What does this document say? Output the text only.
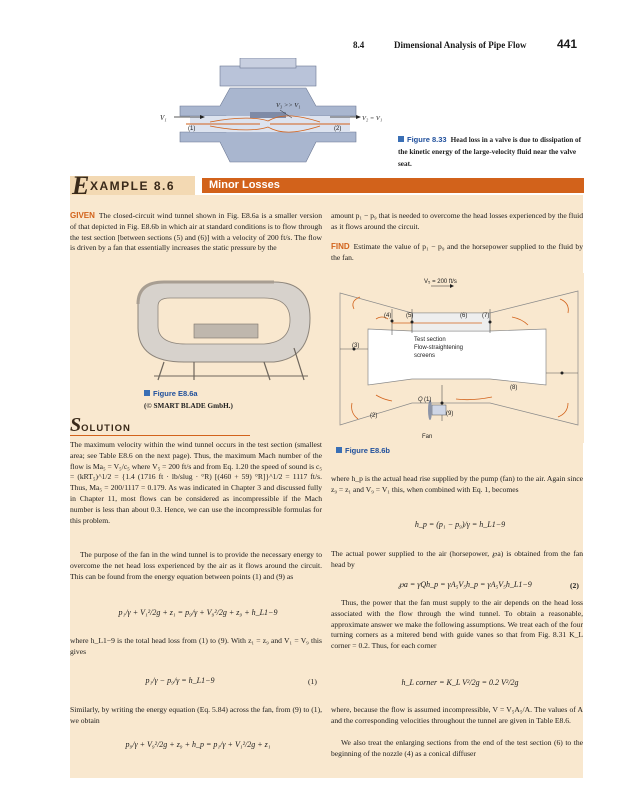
8.4	Dimensional Analysis of Pipe Flow	441
V₁
V₃ >> V₁
V₂ = V₁
(1)	(2)
Figure 8.33 Head loss in a valve is due to dissipation of the kinetic energy of the large-velocity fluid near the valve seat.
E XAMPLE 8.6	Minor Losses
GIVEN The closed-circuit wind tunnel shown in Fig. E8.6a is a smaller version of that depicted in Fig. E8.6b in which air at standard conditions is to flow through the test section [between sections (5) and (6)] with a velocity of 200 ft/s. The flow is driven by a fan that essentially increases the static pressure by the
amount p₁ − p₉ that is needed to overcome the head losses experienced by the fluid as it flows around the circuit.
FIND Estimate the value of p₁ − p₉ and the horsepower supplied to the fluid by the fan.
Figure E8.6a
(© SMART BLADE GmbH.)
V₅ = 200 ft/s
(4) (5)	(6) (7)
(3)
(8)
(2)
Q (1)
(9)
Test section
Flow-straightening
screens
Fan
Figure E8.6b
SOLUTION
The maximum velocity within the wind tunnel occurs in the test section (smallest area; see Table E8.6 on the next page). Thus, the maximum Mach number of the flow is Ma₅ = V₅/c₅ where V₅ = 200 ft/s and from Eq. 1.20 the speed of sound is c₅ = (kRT₅)^1/2 = {1.4 (1716 ft · lb/slug · °R) [(460 + 59) °R]}^1/2 = 1117 ft/s. Thus, Ma₅ = 200/1117 = 0.179. As was indicated in Chapter 3 and discussed fully in Chapter 11, most flows can be considered as incompressible if the Mach number is less than about 0.3. Hence, we can use the incompressible formulas for this problem.
The purpose of the fan in the wind tunnel is to provide the necessary energy to overcome the net head loss experienced by the air as it flows around the circuit. This can be found from the energy equation between points (1) and (9) as
p₁/γ + V₁²/2g + z₁ = p₉/γ + V₉²/2g + z₉ + h_L1−9
where h_L1−9 is the total head loss from (1) to (9). With z₁ = z₉ and V₁ = V₉ this gives
p₁/γ − p₉/γ = h_L1−9	(1)
Similarly, by writing the energy equation (Eq. 5.84) across the fan, from (9) to (1), we obtain
p₉/γ + V₉²/2g + z₉ + h_p = p₁/γ + V₁²/2g + z₁
where h_p is the actual head rise supplied by the pump (fan) to the air. Again since z₉ = z₁ and V₉ = V₁ this, when combined with Eq. 1, becomes
h_p = (p₁ − p₉)/γ = h_L1−9
The actual power supplied to the air (horsepower, ℘a) is obtained from the fan head by
℘a = γQh_p = γA₅V₅h_p = γA₅V₅h_L1−9	(2)
Thus, the power that the fan must supply to the air depends on the head loss associated with the flow through the wind tunnel. To obtain a reasonable, approximate answer we make the following assumptions. We treat each of the four turning corners as a mitered bend with guide vanes so that from Fig. 8.31 K_L corner = 0.2. Thus, for each corner
h_L corner = K_L V²/2g = 0.2 V²/2g
where, because the flow is assumed incompressible, V = V₅A₅/A. The values of A and the corresponding velocities throughout the tunnel are given in Table E8.6.
We also treat the enlarging sections from the end of the test section (6) to the beginning of the nozzle (4) as a conical diffuser
